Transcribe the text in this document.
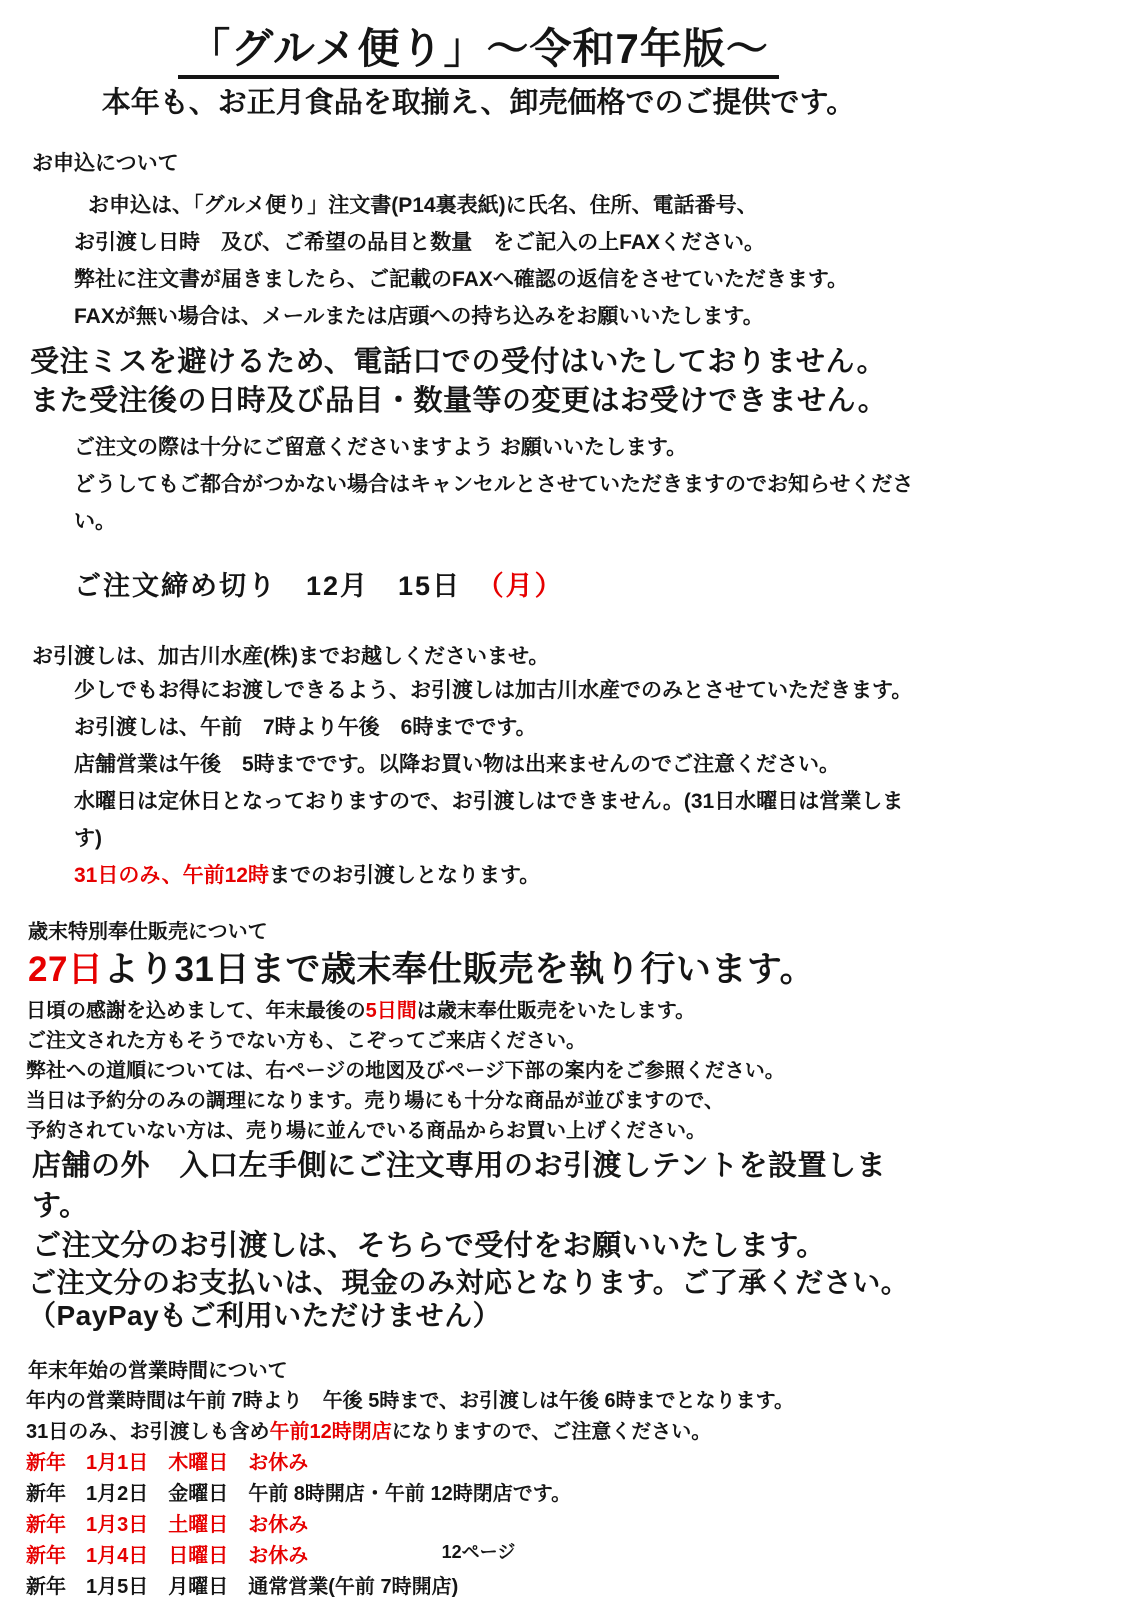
「グルメ便り」～令和7年版～
本年も、お正月食品を取揃え、卸売価格でのご提供です。
お申込について

お申込は、「グルメ便り」注文書(P14裏表紙)に氏名、住所、電話番号、

お引渡し日時　及び、ご希望の品目と数量　をご記入の上FAXください。

弊社に注文書が届きましたら、ご記載のFAXへ確認の返信をさせていただきます。

FAXが無い場合は、メールまたは店頭への持ち込みをお願いいたします。

受注ミスを避けるため、電話口での受付はいたしておりません。

また受注後の日時及び品目・数量等の変更はお受けできません。

ご注文の際は十分にご留意くださいますよう お願いいたします。

どうしてもご都合がつかない場合はキャンセルとさせていただきますのでお知らせください。

ご注文締め切り　12月　15日　（月）

お引渡しは、加古川水産(株)までお越しくださいませ。

少しでもお得にお渡しできるよう、お引渡しは加古川水産でのみとさせていただきます。

お引渡しは、午前　7時より午後　6時までです。

店舗営業は午後　5時までです。以降お買い物は出来ませんのでご注意ください。

水曜日は定休日となっておりますので、お引渡しはできません。(31日水曜日は営業します)

31日のみ、午前12時までのお引渡しとなります。

歳末特別奉仕販売について

27日より31日まで歳末奉仕販売を執り行います。

日頃の感謝を込めまして、年末最後の5日間は歳末奉仕販売をいたします。

ご注文された方もそうでない方も、こぞってご来店ください。

弊社への道順については、右ページの地図及びページ下部の案内をご参照ください。

当日は予約分のみの調理になります。売り場にも十分な商品が並びますので、

予約されていない方は、売り場に並んでいる商品からお買い上げください。

店舗の外　入口左手側にご注文専用のお引渡しテントを設置します。

ご注文分のお引渡しは、そちらで受付をお願いいたします。

ご注文分のお支払いは、現金のみ対応となります。ご了承ください。

（PayPayもご利用いただけません）

年末年始の営業時間について

年内の営業時間は午前 7時より　午後 5時まで、お引渡しは午後 6時までとなります。

31日のみ、お引渡しも含め午前12時閉店になりますので、ご注意ください。

新年　1月1日　木曜日　お休み

新年　1月2日　金曜日　午前 8時開店・午前 12時閉店です。

新年　1月3日　土曜日　お休み

新年　1月4日　日曜日　お休み

新年　1月5日　月曜日　通常営業(午前 7時開店)

12ページ
